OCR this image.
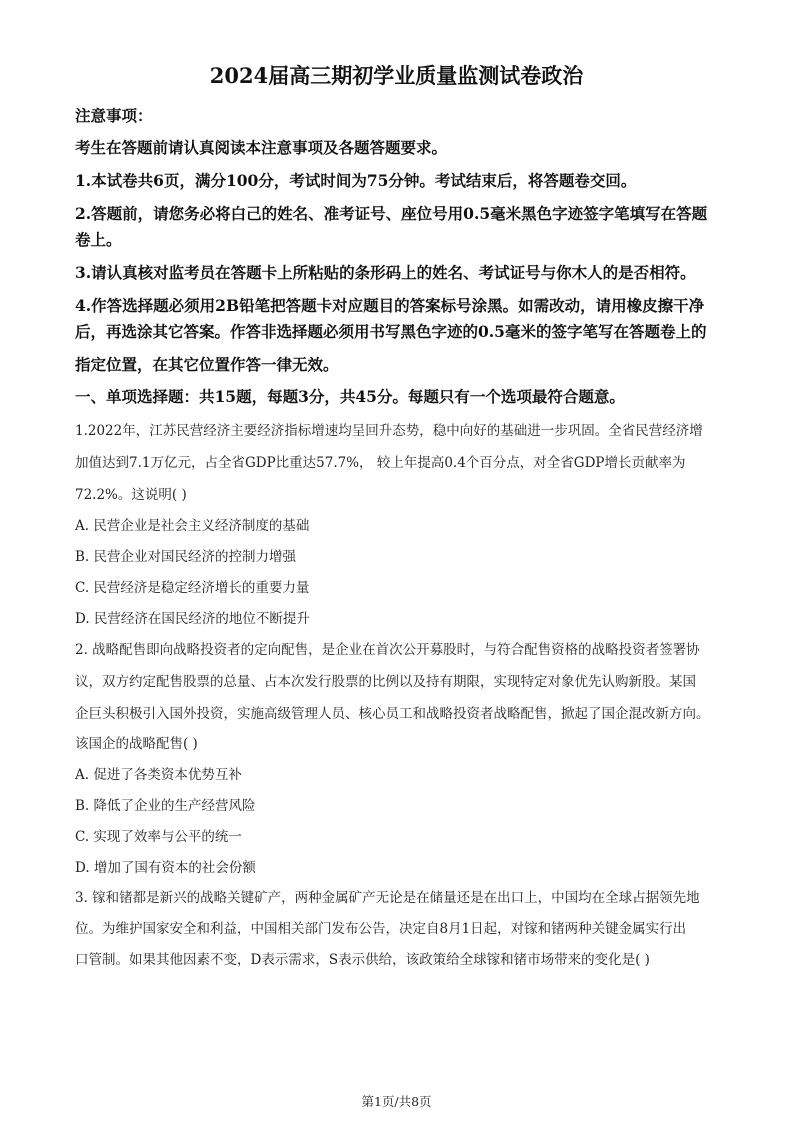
2024届高三期初学业质量监测试卷政治
注意事项：
考生在答题前请认真阅读本注意事项及各题答题要求。
1.本试卷共6页，满分100分，考试时间为75分钟。考试结束后，将答题卷交回。
2.答题前，请您务必将白己的姓名、准考证号、座位号用0.5毫米黑色字迹签字笔填写在答题
卷上。
3.请认真核对监考员在答题卡上所粘贴的条形码上的姓名、考试证号与你木人的是否相符。
4.作答选择题必须用2B铅笔把答题卡对应题目的答案标号涂黑。如需改动，请用橡皮擦干净
后，再选涂其它答案。作答非选择题必须用书写黑色字迹的0.5毫米的签字笔写在答题卷上的
指定位置，在其它位置作答一律无效。
一、单项选择题：共15题，每题3分，共45分。每题只有一个选项最符合题意。
1.2022年，江苏民营经济主要经济指标增速均呈回升态势，稳中向好的基础进一步巩固。全省民营经济增
加值达到7.1万亿元，占全省GDP比重达57.7%， 较上年提高0.4个百分点，对全省GDP增长贡献率为
72.2%。这说明( )
A. 民营企业是社会主义经济制度的基础
B. 民营企业对国民经济的控制力增强
C. 民营经济是稳定经济增长的重要力量
D. 民营经济在国民经济的地位不断提升
2. 战略配售即向战略投资者的定向配售，是企业在首次公开募股时，与符合配售资格的战略投资者签署协
议，双方约定配售股票的总量、占本次发行股票的比例以及持有期限，实现特定对象优先认购新股。某国
企巨头积极引入国外投资，实施高级管理人员、核心员工和战略投资者战略配售，掀起了国企混改新方向。
该国企的战略配售( )
A. 促进了各类资本优势互补
B. 降低了企业的生产经营风险
C. 实现了效率与公平的统一
D. 增加了国有资本的社会份额
3. 镓和锗都是新兴的战略关键矿产，两种金属矿产无论是在储量还是在出口上，中国均在全球占据领先地
位。为维护国家安全和利益，中国相关部门发布公告，决定自8月1日起，对镓和锗两种关键金属实行出
口管制。如果其他因素不变，D表示需求，S表示供给，该政策给全球镓和锗市场带来的变化是( )
第1页/共8页
